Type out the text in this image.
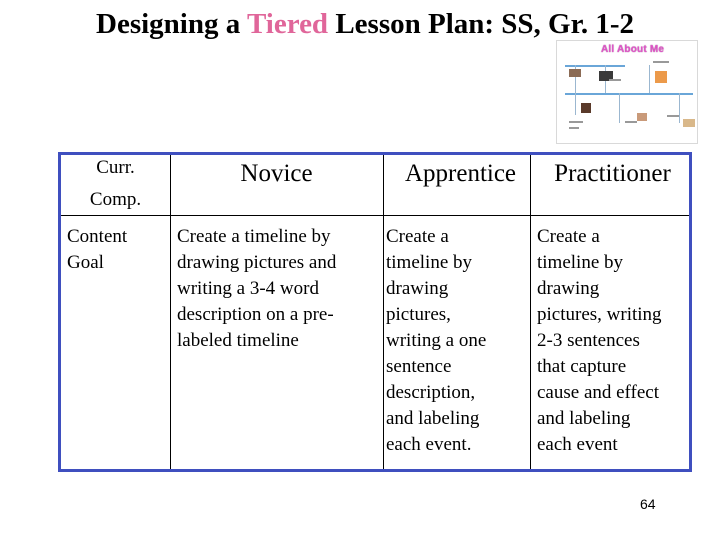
Designing a Tiered Lesson Plan: SS, Gr. 1-2
All About Me
Curr.
Comp.
Novice	Apprentice	Practitioner
Content
Goal
Create a timeline by
drawing pictures and
writing a 3-4 word
description on a pre-
labeled timeline
Create a
timeline by
drawing
pictures,
writing a one
sentence
description,
and labeling
each event.
Create a
timeline by
drawing
pictures, writing
2-3 sentences
that capture
cause and effect
and labeling
each event
64
